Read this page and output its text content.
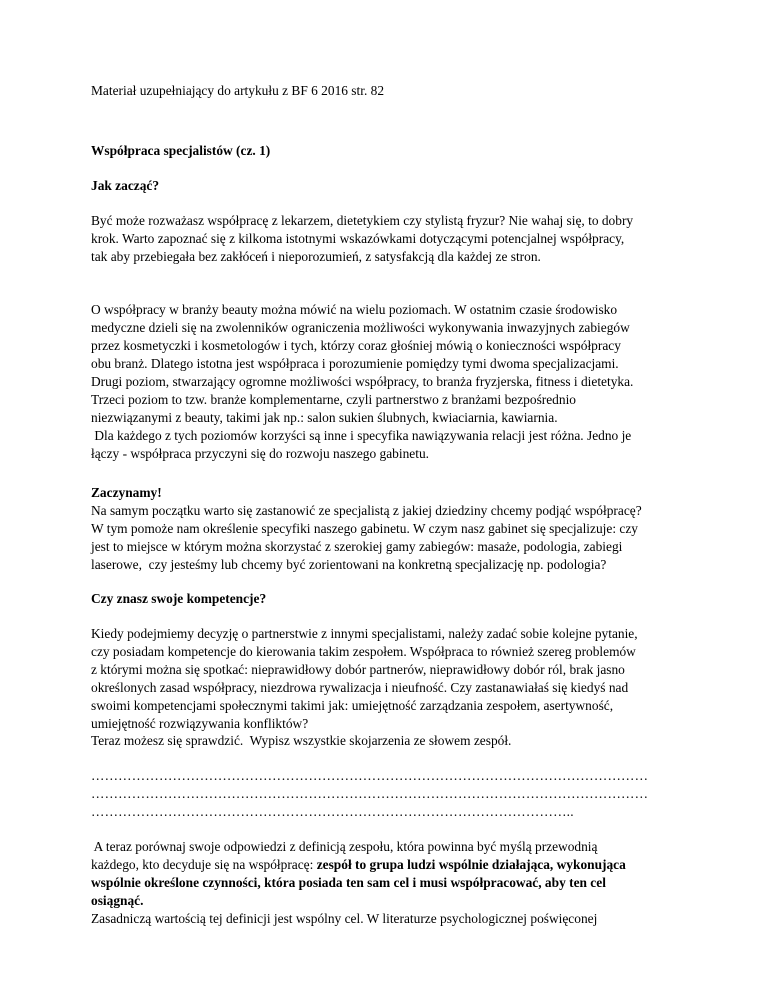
Materiał uzupełniający do artykułu z BF 6 2016 str. 82

Współpraca specjalistów (cz. 1)

Jak zacząć?

Być może rozważasz współpracę z lekarzem, dietetykiem czy stylistą fryzur? Nie wahaj się, to dobry
krok. Warto zapoznać się z kilkoma istotnymi wskazówkami dotyczącymi potencjalnej współpracy,
tak aby przebiegała bez zakłóceń i nieporozumień, z satysfakcją dla każdej ze stron.

O współpracy w branży beauty można mówić na wielu poziomach. W ostatnim czasie środowisko
medyczne dzieli się na zwolenników ograniczenia możliwości wykonywania inwazyjnych zabiegów
przez kosmetyczki i kosmetologów i tych, którzy coraz głośniej mówią o konieczności współpracy
obu branż. Dlatego istotna jest współpraca i porozumienie pomiędzy tymi dwoma specjalizacjami.
Drugi poziom, stwarzający ogromne możliwości współpracy, to branża fryzjerska, fitness i dietetyka.
Trzeci poziom to tzw. branże komplementarne, czyli partnerstwo z branżami bezpośrednio
niezwiązanymi z beauty, takimi jak np.: salon sukien ślubnych, kwiaciarnia, kawiarnia.
Dla każdego z tych poziomów korzyści są inne i specyfika nawiązywania relacji jest różna. Jedno je
łączy - współpraca przyczyni się do rozwoju naszego gabinetu.

Zaczynamy!
Na samym początku warto się zastanowić ze specjalistą z jakiej dziedziny chcemy podjąć współpracę?
W tym pomoże nam określenie specyfiki naszego gabinetu. W czym nasz gabinet się specjalizuje: czy
jest to miejsce w którym można skorzystać z szerokiej gamy zabiegów: masaże, podologia, zabiegi
laserowe,  czy jesteśmy lub chcemy być zorientowani na konkretną specjalizację np. podologia?

Czy znasz swoje kompetencje?

Kiedy podejmiemy decyzję o partnerstwie z innymi specjalistami, należy zadać sobie kolejne pytanie,
czy posiadam kompetencje do kierowania takim zespołem. Współpraca to również szereg problemów
z którymi można się spotkać: nieprawidłowy dobór partnerów, nieprawidłowy dobór ról, brak jasno
określonych zasad współpracy, niezdrowa rywalizacja i nieufność. Czy zastanawiałaś się kiedyś nad
swoimi kompetencjami społecznymi takimi jak: umiejętność zarządzania zespołem, asertywność,
umiejętność rozwiązywania konfliktów?

Teraz możesz się sprawdzić.  Wypisz wszystkie skojarzenia ze słowem zespół.

……………………………………………………………………………………………………………
……………………………………………………………………………………………………………
……………………………………………………………………………………………..

A teraz porównaj swoje odpowiedzi z definicją zespołu, która powinna być myślą przewodnią
każdego, kto decyduje się na współpracę: zespół to grupa ludzi wspólnie działająca, wykonująca
wspólnie określone czynności, która posiada ten sam cel i musi współpracować, aby ten cel
osiągnąć.
Zasadniczą wartością tej definicji jest wspólny cel. W literaturze psychologicznej poświęconej
